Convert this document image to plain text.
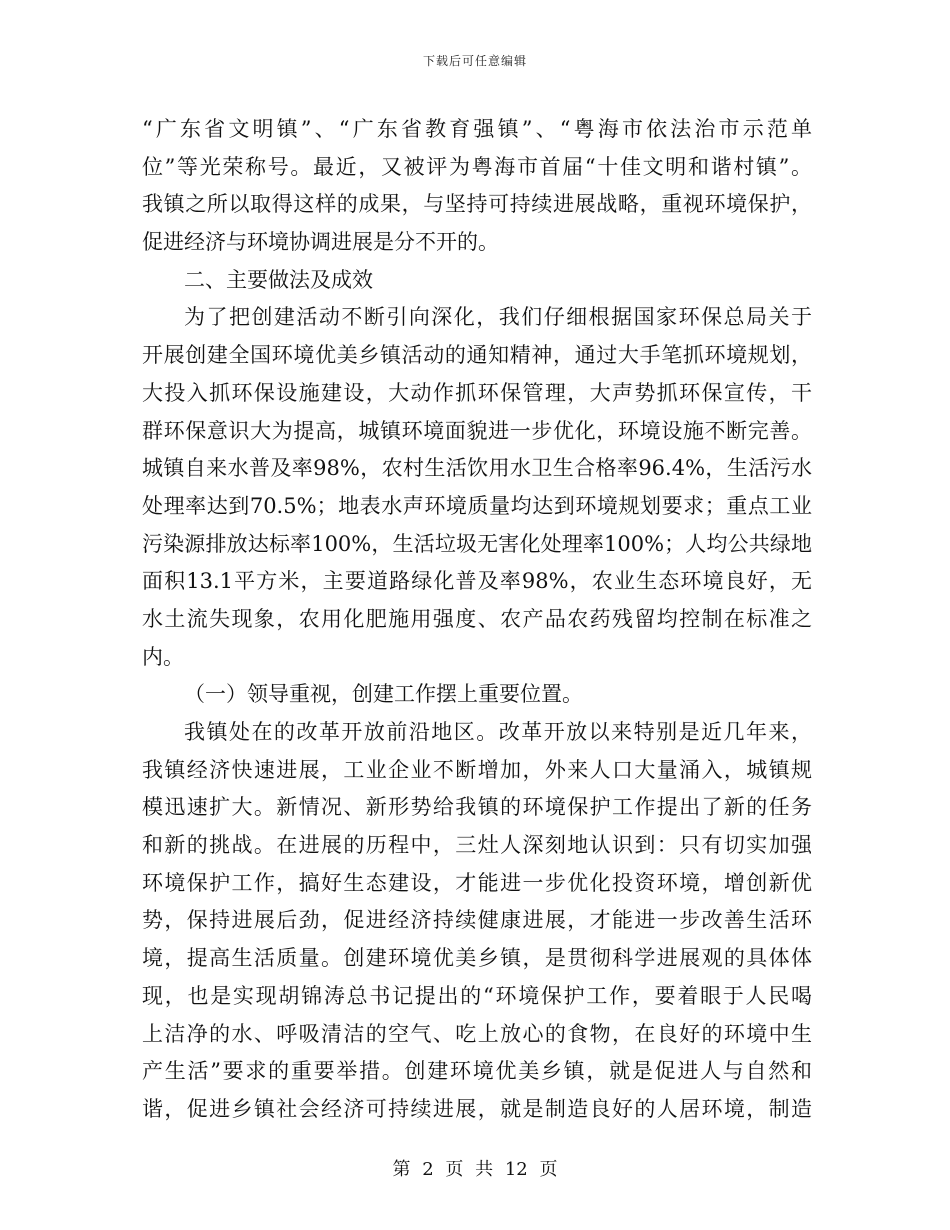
下载后可任意编辑
“广东省文明镇”、“广东省教育强镇”、“粤海市依法治市示范单
位”等光荣称号。最近，又被评为粤海市首届“十佳文明和谐村镇”。
我镇之所以取得这样的成果，与坚持可持续进展战略，重视环境保护，
促进经济与环境协调进展是分不开的。
二、主要做法及成效
为了把创建活动不断引向深化，我们仔细根据国家环保总局关于
开展创建全国环境优美乡镇活动的通知精神，通过大手笔抓环境规划，
大投入抓环保设施建设，大动作抓环保管理，大声势抓环保宣传，干
群环保意识大为提高，城镇环境面貌进一步优化，环境设施不断完善。
城镇自来水普及率98%，农村生活饮用水卫生合格率96.4%，生活污水
处理率达到70.5%；地表水声环境质量均达到环境规划要求；重点工业
污染源排放达标率100%，生活垃圾无害化处理率100%；人均公共绿地
面积13.1平方米，主要道路绿化普及率98%，农业生态环境良好，无
水土流失现象，农用化肥施用强度、农产品农药残留均控制在标准之
内。
（一）领导重视，创建工作摆上重要位置。
我镇处在的改革开放前沿地区。改革开放以来特别是近几年来，
我镇经济快速进展，工业企业不断增加，外来人口大量涌入，城镇规
模迅速扩大。新情况、新形势给我镇的环境保护工作提出了新的任务
和新的挑战。在进展的历程中，三灶人深刻地认识到：只有切实加强
环境保护工作，搞好生态建设，才能进一步优化投资环境，增创新优
势，保持进展后劲，促进经济持续健康进展，才能进一步改善生活环
境，提高生活质量。创建环境优美乡镇，是贯彻科学进展观的具体体
现，也是实现胡锦涛总书记提出的“环境保护工作，要着眼于人民喝
上洁净的水、呼吸清洁的空气、吃上放心的食物，在良好的环境中生
产生活”要求的重要举措。创建环境优美乡镇，就是促进人与自然和
谐，促进乡镇社会经济可持续进展，就是制造良好的人居环境，制造
第 2 页 共 12 页
